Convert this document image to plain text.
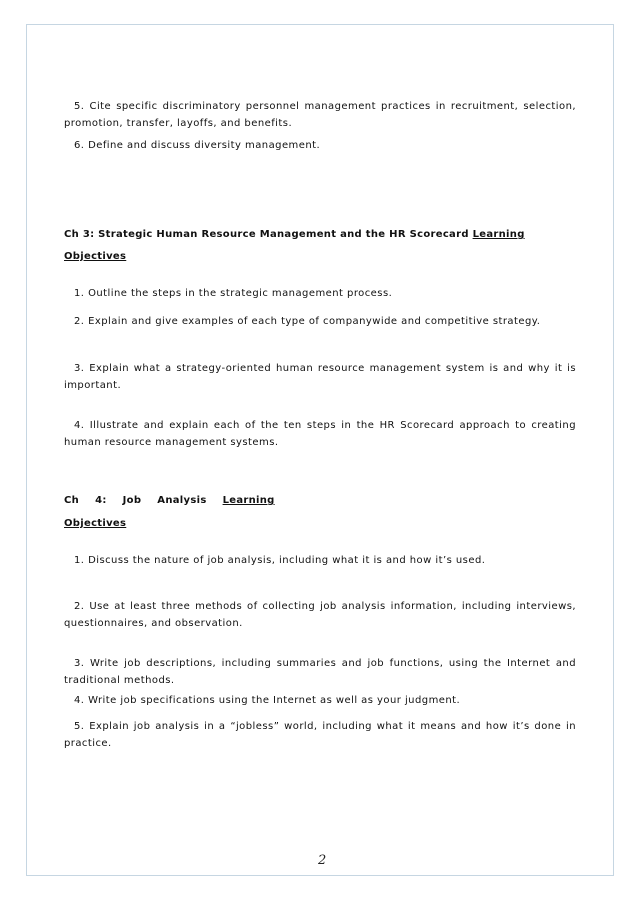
5. Cite specific discriminatory personnel management practices in recruitment, selection, promotion, transfer, layoffs, and benefits.

6. Define and discuss diversity management.

Ch 3: Strategic Human Resource Management and the HR Scorecard Learning

Objectives

1. Outline the steps in the strategic management process.

2. Explain and give examples of each type of companywide and competitive strategy.

3. Explain what a strategy-oriented human resource management system is and why it is important.

4. Illustrate and explain each of the ten steps in the HR Scorecard approach to creating human resource management systems.

Ch 4: Job Analysis Learning

Objectives

1. Discuss the nature of job analysis, including what it is and how it’s used.

2. Use at least three methods of collecting job analysis information, including interviews, questionnaires, and observation.

3. Write job descriptions, including summaries and job functions, using the Internet and traditional methods.

4. Write job specifications using the Internet as well as your judgment.

5. Explain job analysis in a “jobless” world, including what it means and how it’s done in practice.

2
